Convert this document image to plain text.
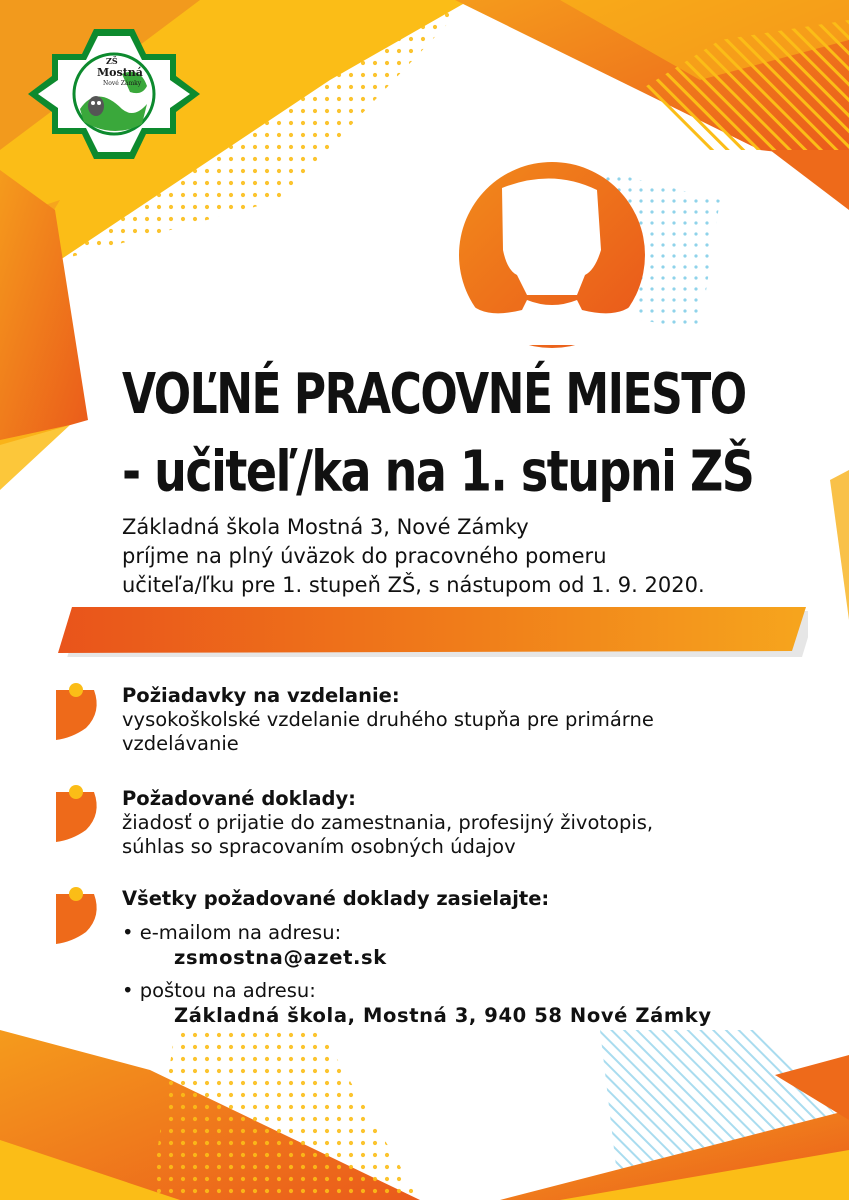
ZŠ
Mostná
Nové Zámky
VOĽNÉ PRACOVNÉ MIESTO
- učiteľ/ka na 1. stupni ZŠ
Základná škola Mostná 3, Nové Zámky
príjme na plný úväzok do pracovného pomeru
učiteľa/ľku pre 1. stupeň ZŠ, s nástupom od 1. 9. 2020.
Požiadavky na vzdelanie:
vysokoškolské vzdelanie druhého stupňa pre primárne
vzdelávanie
Požadované doklady:
žiadosť o prijatie do zamestnania, profesijný životopis,
súhlas so spracovaním osobných údajov
Všetky požadované doklady zasielajte:
• e-mailom na adresu:
zsmostna@azet.sk
• poštou na adresu:
Základná škola, Mostná 3, 940 58 Nové Zámky
